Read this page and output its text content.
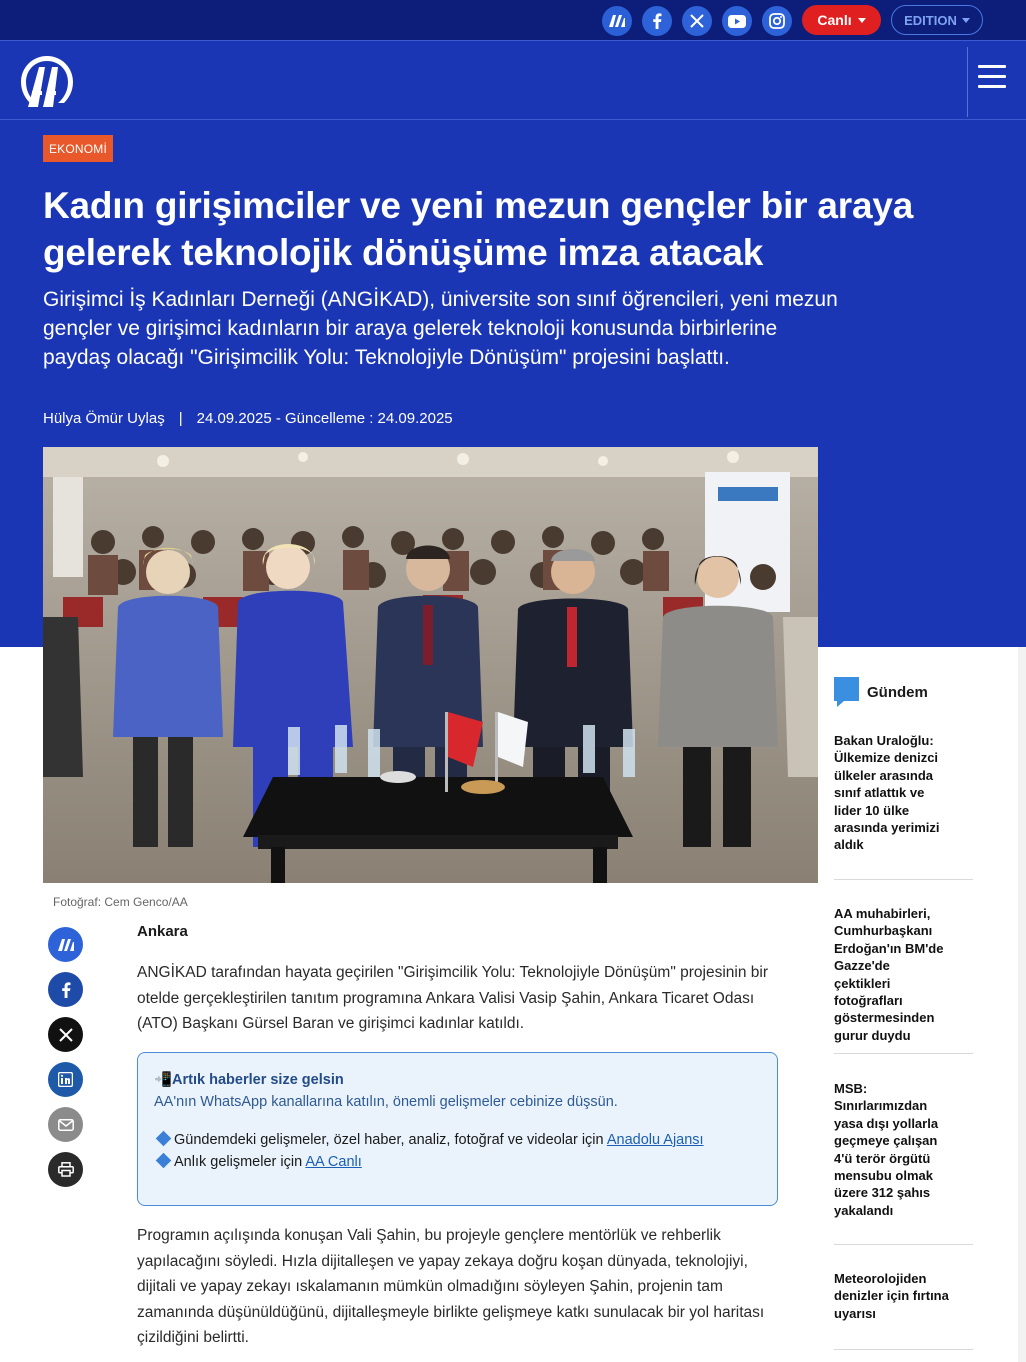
Canlı	EDITION
EKONOMİ
Kadın girişimciler ve yeni mezun gençler bir araya gelerek teknolojik dönüşüme imza atacak

Girişimci İş Kadınları Derneği (ANGİKAD), üniversite son sınıf öğrencileri, yeni mezun gençler ve girişimci kadınların bir araya gelerek teknoloji konusunda birbirlerine paydaş olacağı "Girişimcilik Yolu: Teknolojiyle Dönüşüm" projesini başlattı.

Hülya Ömür Uylaş | 24.09.2025 - Güncelleme : 24.09.2025
Fotoğraf: Cem Genco/AA
Ankara

ANGİKAD tarafından hayata geçirilen "Girişimcilik Yolu: Teknolojiyle Dönüşüm" projesinin bir otelde gerçekleştirilen tanıtım programına Ankara Valisi Vasip Şahin, Ankara Ticaret Odası (ATO) Başkanı Gürsel Baran ve girişimci kadınlar katıldı.

📲Artık haberler size gelsin
AA'nın WhatsApp kanallarına katılın, önemli gelişmeler cebinize düşsün.
Gündemdeki gelişmeler, özel haber, analiz, fotoğraf ve videolar için Anadolu Ajansı
Anlık gelişmeler için AA Canlı

Programın açılışında konuşan Vali Şahin, bu projeyle gençlere mentörlük ve rehberlik yapılacağını söyledi. Hızla dijitalleşen ve yapay zekaya doğru koşan dünyada, teknolojiyi, dijitali ve yapay zekayı ıskalamanın mümkün olmadığını söyleyen Şahin, projenin tam zamanında düşünüldüğünü, dijitalleşmeyle birlikte gelişmeye katkı sunulacak bir yol haritası çizildiğini belirtti.

Gündem
Bakan Uraloğlu: Ülkemize denizci ülkeler arasında sınıf atlattık ve lider 10 ülke arasında yerimizi aldık
AA muhabirleri, Cumhurbaşkanı Erdoğan'ın BM'de Gazze'de çektikleri fotoğrafları göstermesinden gurur duydu
MSB: Sınırlarımızdan yasa dışı yollarla geçmeye çalışan 4'ü terör örgütü mensubu olmak üzere 312 şahıs yakalandı
Meteorolojiden denizler için fırtına uyarısı
